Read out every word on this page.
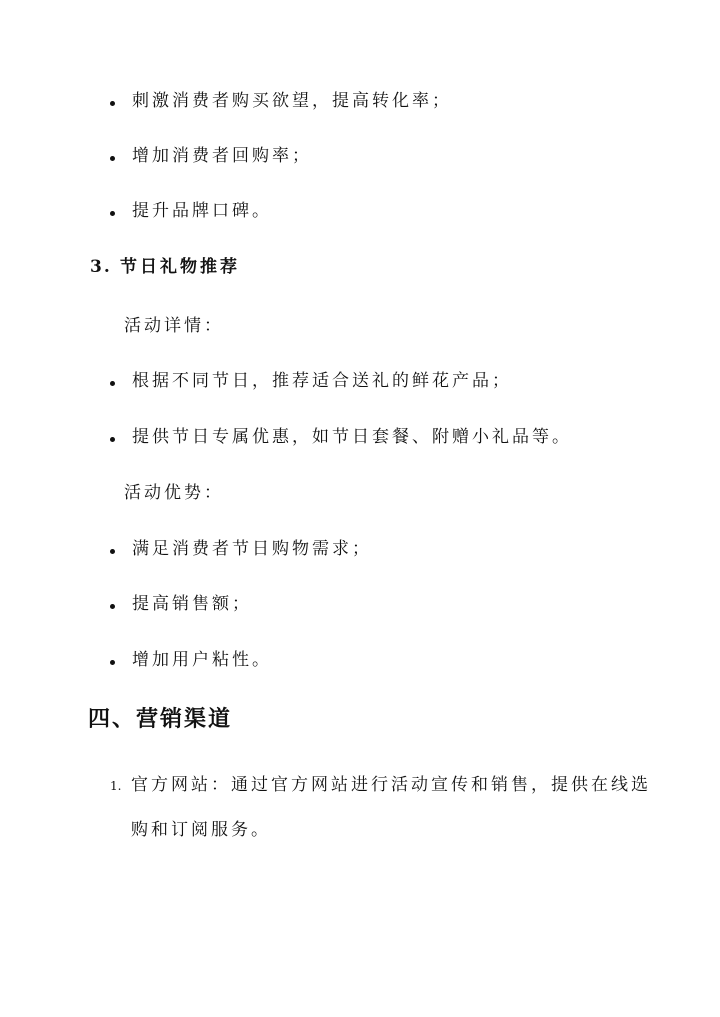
刺激消费者购买欲望，提高转化率；
增加消费者回购率；
提升品牌口碑。
3. 节日礼物推荐
活动详情：
根据不同节日，推荐适合送礼的鲜花产品；
提供节日专属优惠，如节日套餐、附赠小礼品等。
活动优势：
满足消费者节日购物需求；
提高销售额；
增加用户粘性。
四、营销渠道
1. 官方网站：通过官方网站进行活动宣传和销售，提供在线选
购和订阅服务。
